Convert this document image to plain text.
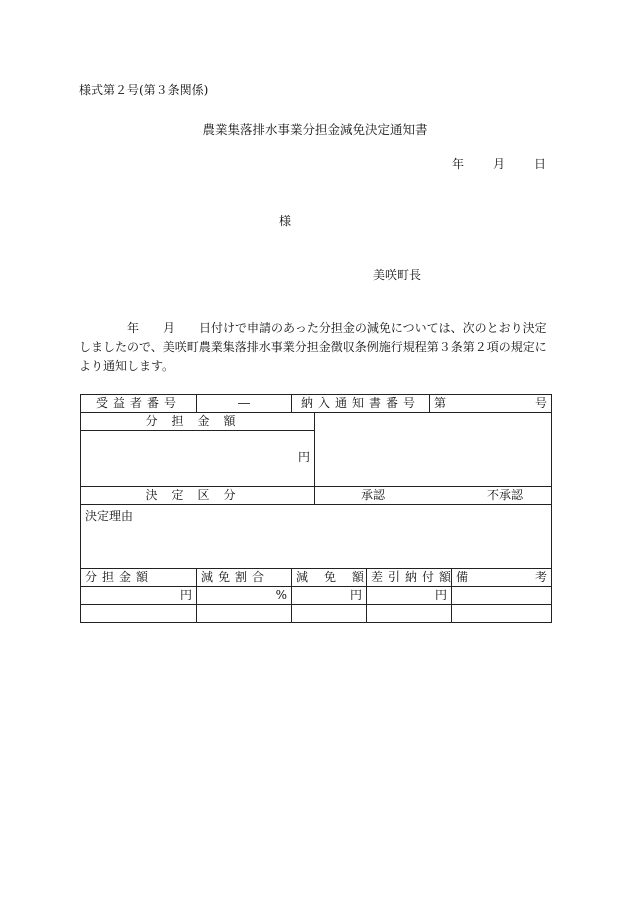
様式第２号(第３条関係)
農業集落排水事業分担金減免決定通知書
年 月 日
様
美咲町長
年 月 日付けで申請のあった分担金の減免については、次のとおり決定しましたので、美咲町農業集落排水事業分担金徴収条例施行規程第３条第２項の規定により通知します。
受益者番号	―	納入通知書番号			第 号	

分担金額						
円						
決定区分			承認 不承認			

決定理由						
分担金額	減免割合	減免額		差引納付額		備 考

円	%	円		円		
